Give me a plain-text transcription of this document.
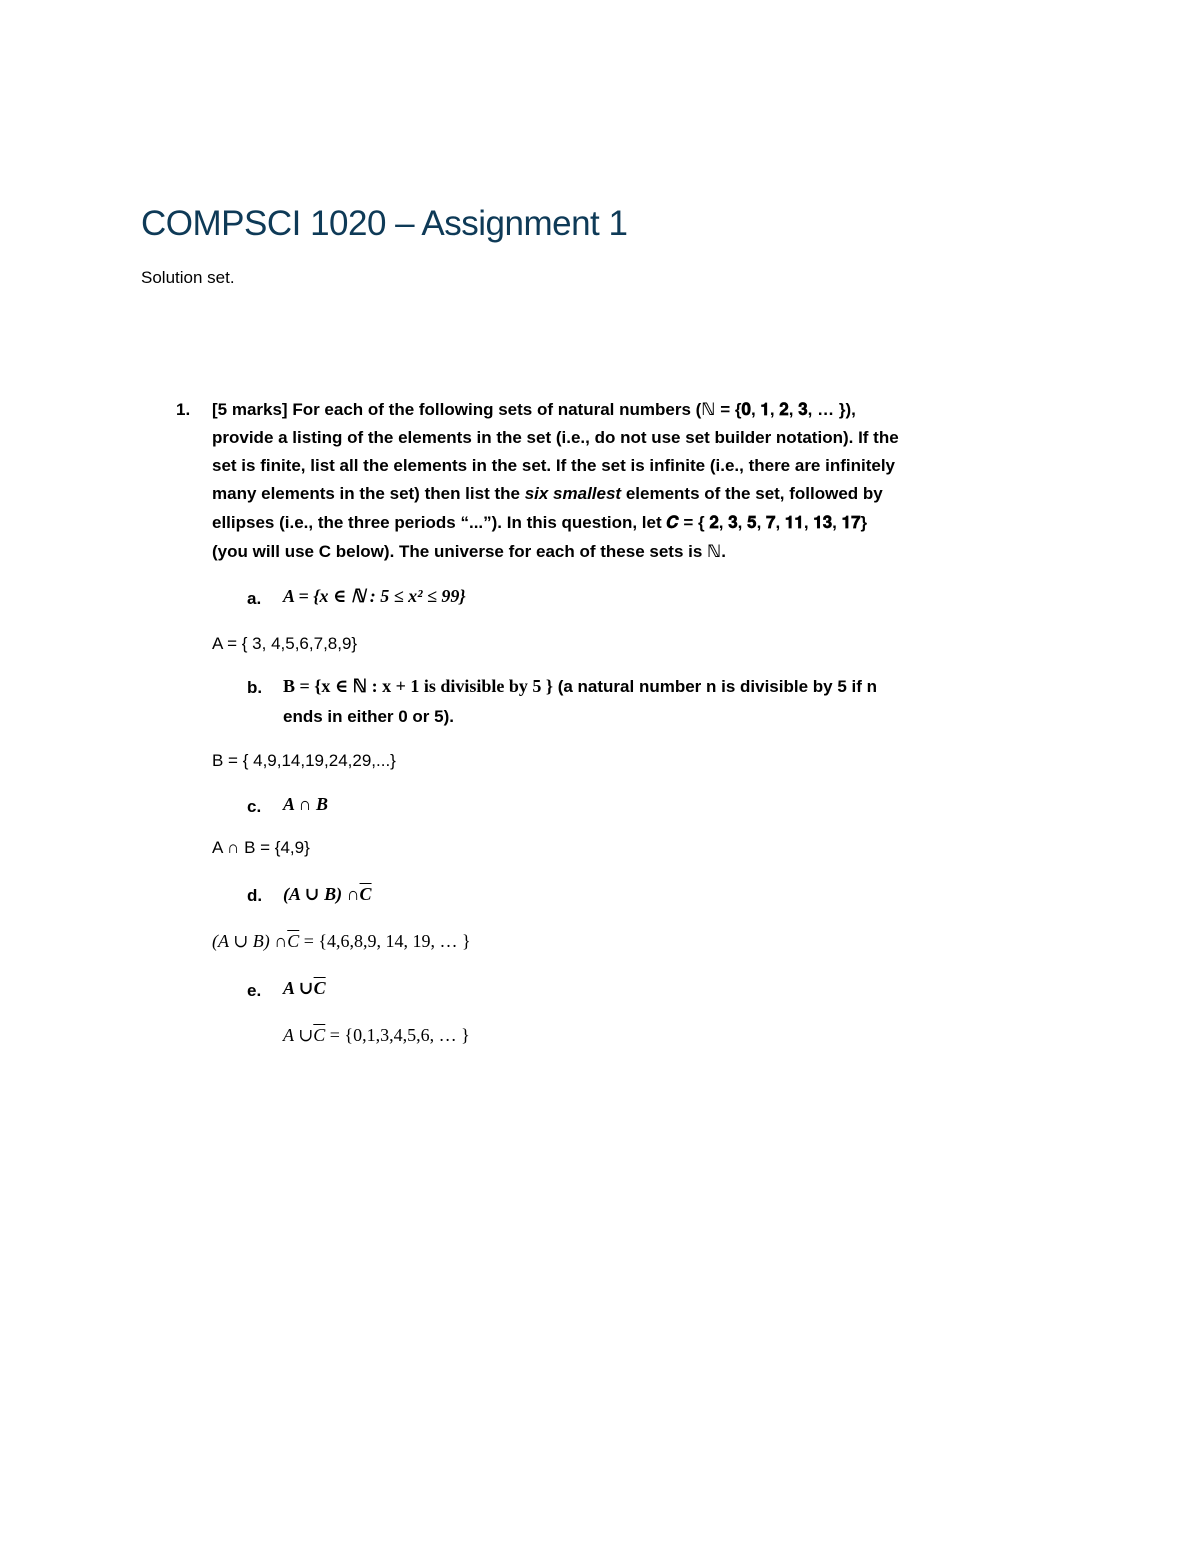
COMPSCI 1020 – Assignment 1
Solution set.
1. [5 marks] For each of the following sets of natural numbers (ℕ = {𝟎, 𝟏, 𝟐, 𝟑, … }),
provide a listing of the elements in the set (i.e., do not use set builder notation). If the
set is finite, list all the elements in the set. If the set is infinite (i.e., there are infinitely
many elements in the set) then list the six smallest elements of the set, followed by
ellipses (i.e., the three periods “...”). In this question, let 𝑪 = { 𝟐, 𝟑, 𝟓, 𝟕, 𝟏𝟏, 𝟏𝟑, 𝟏𝟕}
(you will use C below). The universe for each of these sets is ℕ.
a. A = {x ∈ ℕ : 5 ≤ x² ≤ 99}
A = { 3, 4,5,6,7,8,9}
b. B = {x ∈ ℕ : x + 1 is divisible by 5 } (a natural number n is divisible by 5 if n
ends in either 0 or 5).
B = { 4,9,14,19,24,29,...}
c. A ∩ B
A ∩ B = {4,9}
d. (A ∪ B) $\cap\overline{C}$
(A ∪ B) $\cap\overline{C} = \{4,6,8,9$, 14, 19, … }
e. A $\cup\overline{C}$
A $\cup\overline{C} = \{0,1,3,4,5,6$, … }
